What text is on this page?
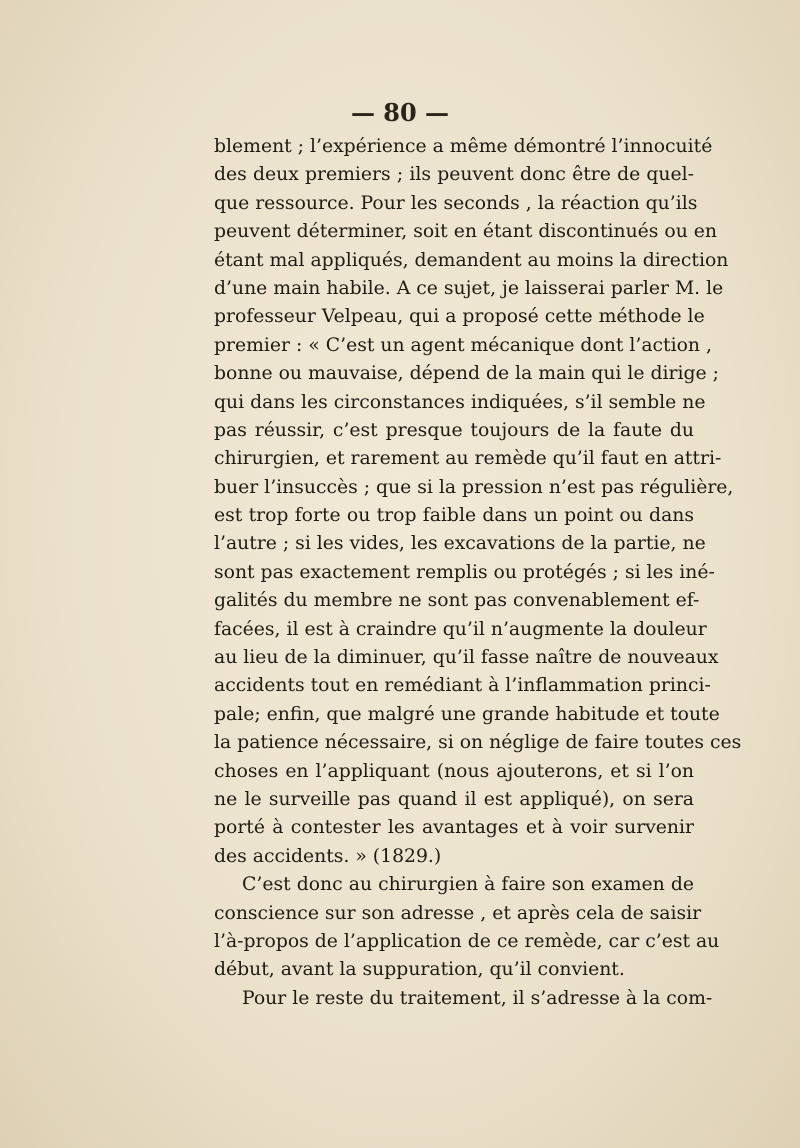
— 80 —
blement ; l’expérience a même démontré l’innocuité
des deux premiers ; ils peuvent donc être de quel-
que ressource. Pour les seconds , la réaction qu’ils
peuvent déterminer, soit en étant discontinués ou en
étant mal appliqués, demandent au moins la direction
d’une main habile. A ce sujet, je laisserai parler M. le
professeur Velpeau, qui a proposé cette méthode le
premier : « C’est un agent mécanique dont l’action ,
bonne ou mauvaise, dépend de la main qui le dirige ;
qui dans les circonstances indiquées, s’il semble ne
pas réussir, c’est presque toujours de la faute du
chirurgien, et rarement au remède qu’il faut en attri-
buer l’insuccès ; que si la pression n’est pas régulière,
est trop forte ou trop faible dans un point ou dans
l’autre ; si les vides, les excavations de la partie, ne
sont pas exactement remplis ou protégés ; si les iné-
galités du membre ne sont pas convenablement ef-
facées, il est à craindre qu’il n’augmente la douleur
au lieu de la diminuer, qu’il fasse naître de nouveaux
accidents tout en remédiant à l’inflammation princi-
pale; enfin, que malgré une grande habitude et toute
la patience nécessaire, si on néglige de faire toutes ces
choses en l’appliquant (nous ajouterons, et si l’on
ne le surveille pas quand il est appliqué), on sera
porté à contester les avantages et à voir survenir
des accidents. » (1829.)
C’est donc au chirurgien à faire son examen de
conscience sur son adresse , et après cela de saisir
l’à-propos de l’application de ce remède, car c’est au
début, avant la suppuration, qu’il convient.
Pour le reste du traitement, il s’adresse à la com-
